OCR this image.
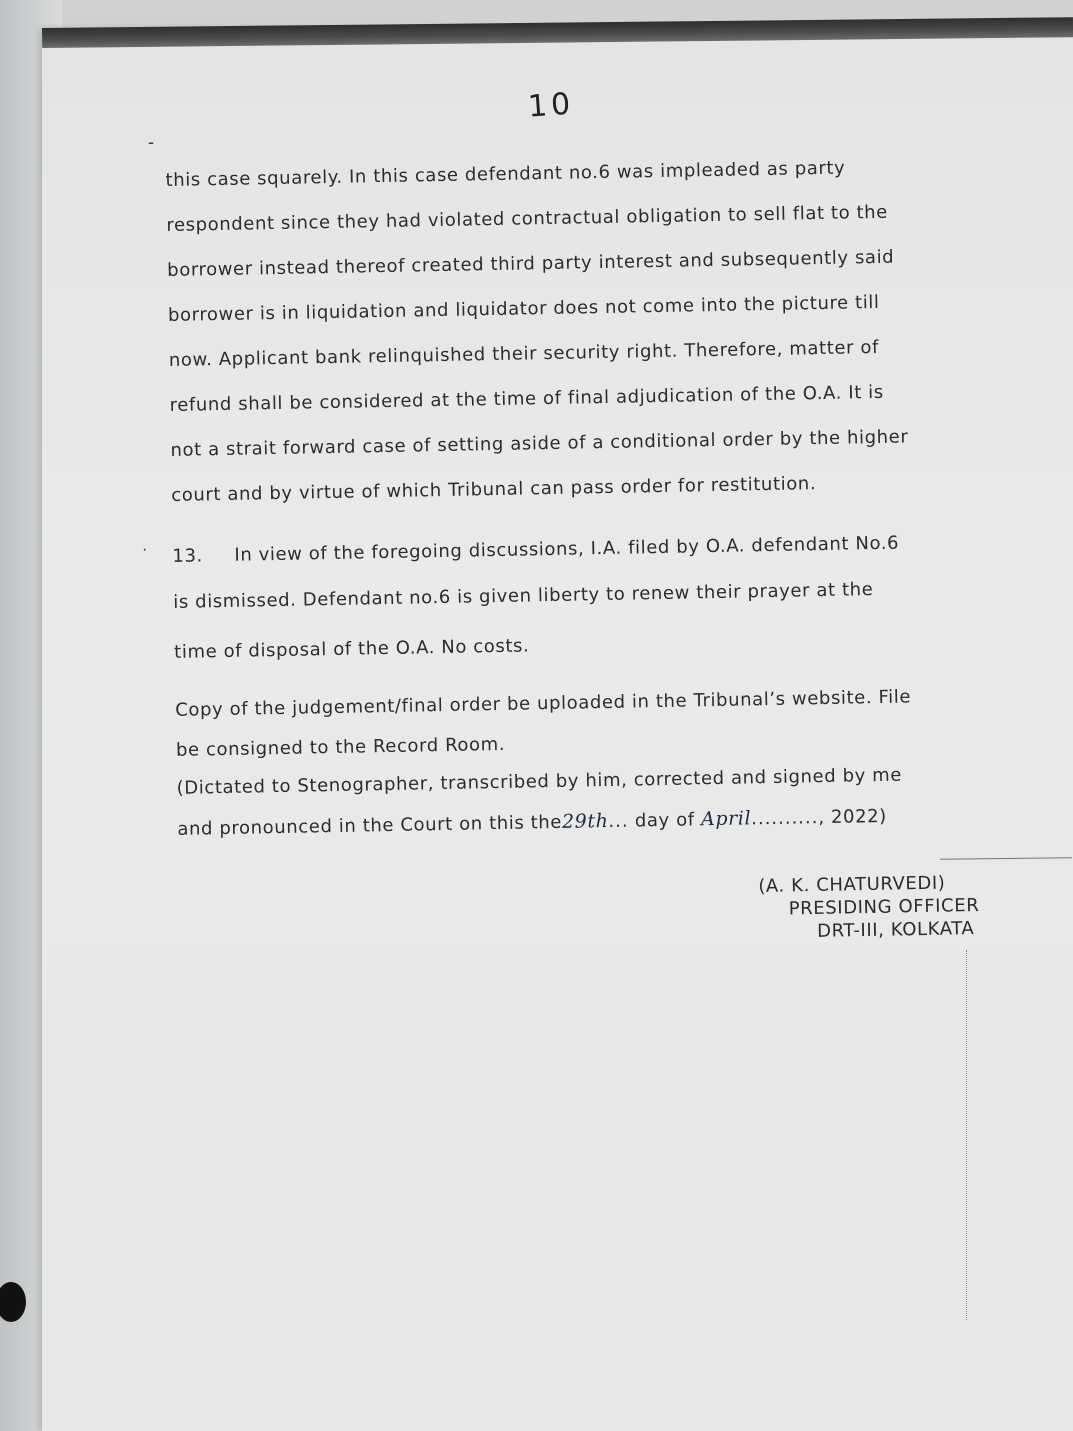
10
‐
·
this case squarely. In this case defendant no.6 was impleaded as party
respondent since they had violated contractual obligation to sell flat to the
borrower instead thereof created third party interest and subsequently said
borrower is in liquidation and liquidator does not come into the picture till
now. Applicant bank relinquished their security right. Therefore, matter of
refund shall be considered at the time of final adjudication of the O.A. It is
not a strait forward case of setting aside of a conditional order by the higher
court and by virtue of which Tribunal can pass order for restitution.
13. In view of the foregoing discussions, I.A. filed by O.A. defendant No.6
is dismissed. Defendant no.6 is given liberty to renew their prayer at the
time of disposal of the O.A. No costs.
Copy of the judgement/final order be uploaded in the Tribunal’s website. File
be consigned to the Record Room.
(Dictated to Stenographer, transcribed by him, corrected and signed by me
and pronounced in the Court on this the29th... day of April.........., 2022)
(A. K. CHATURVEDI)
PRESIDING OFFICER
DRT-III, KOLKATA
